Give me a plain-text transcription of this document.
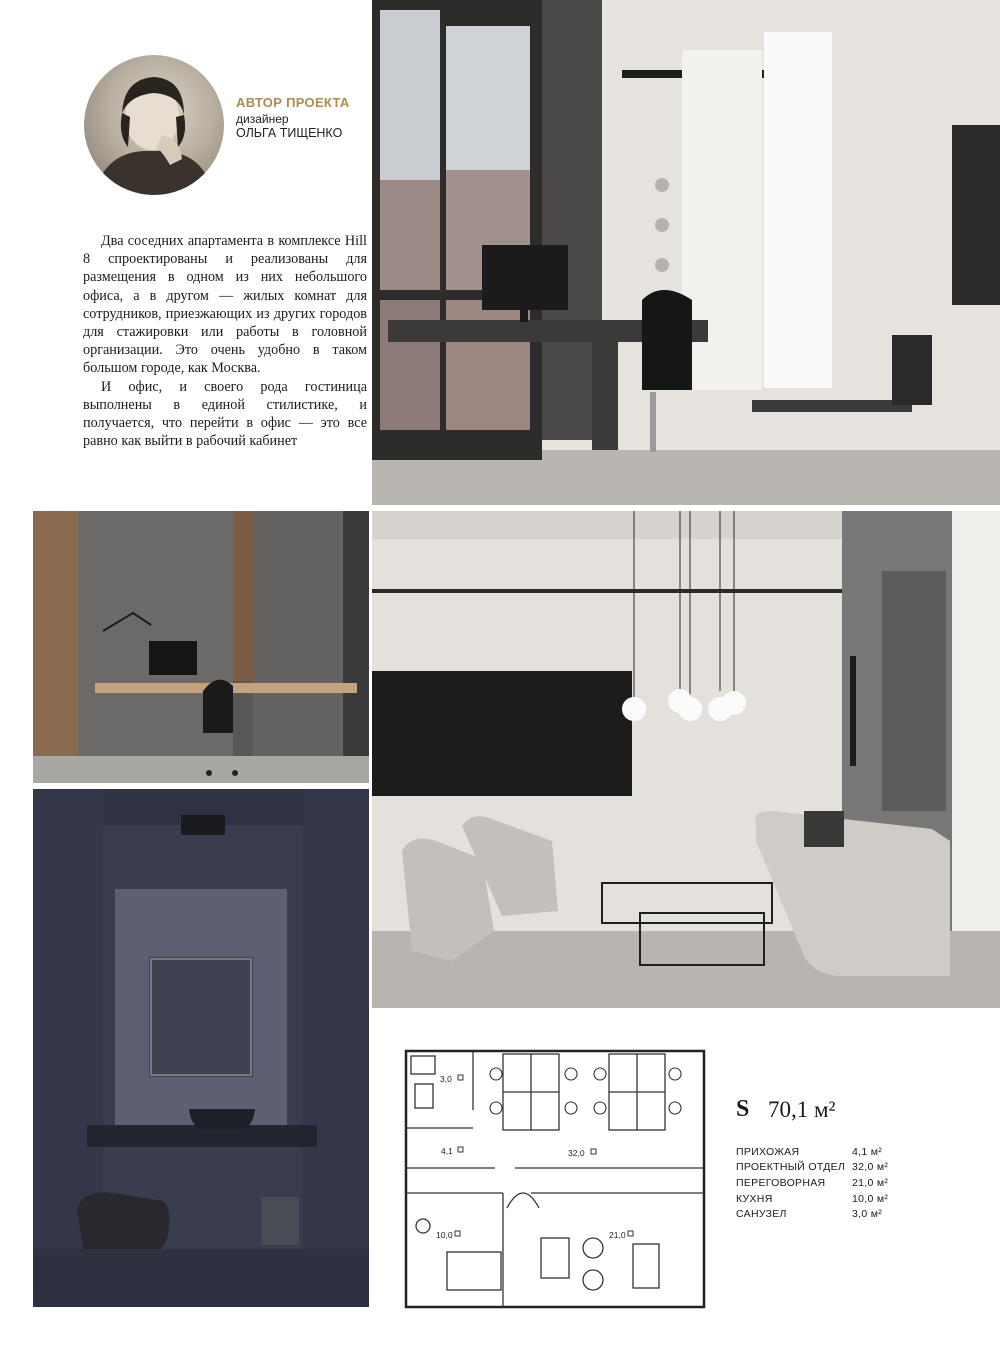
АВТОР ПРОЕКТА
дизайнер
ОЛЬГА ТИЩЕНКО

Два соседних апартамента в комплексе Hill 8 спроектированы и реализованы для размещения в одном из них небольшого офиса, а в другом — жилых комнат для сотрудников, приезжающих из других городов для стажировки или работы в головной организации. Это очень удобно в таком большом городе, как Москва.

И офис, и своего рода гостиница выполнены в единой стилистике, и получается, что перейти в офис — это все равно как выйти в рабочий кабинет

3,0
4,1	32,0
10,0	21,0
S 70,1 м²
ПРИХОЖАЯ	4,1 м²
ПРОЕКТНЫЙ ОТДЕЛ 32,0 м²
ПЕРЕГОВОРНАЯ	21,0 м²
КУХНЯ	10,0 м²
САНУЗЕЛ	3,0 м²
